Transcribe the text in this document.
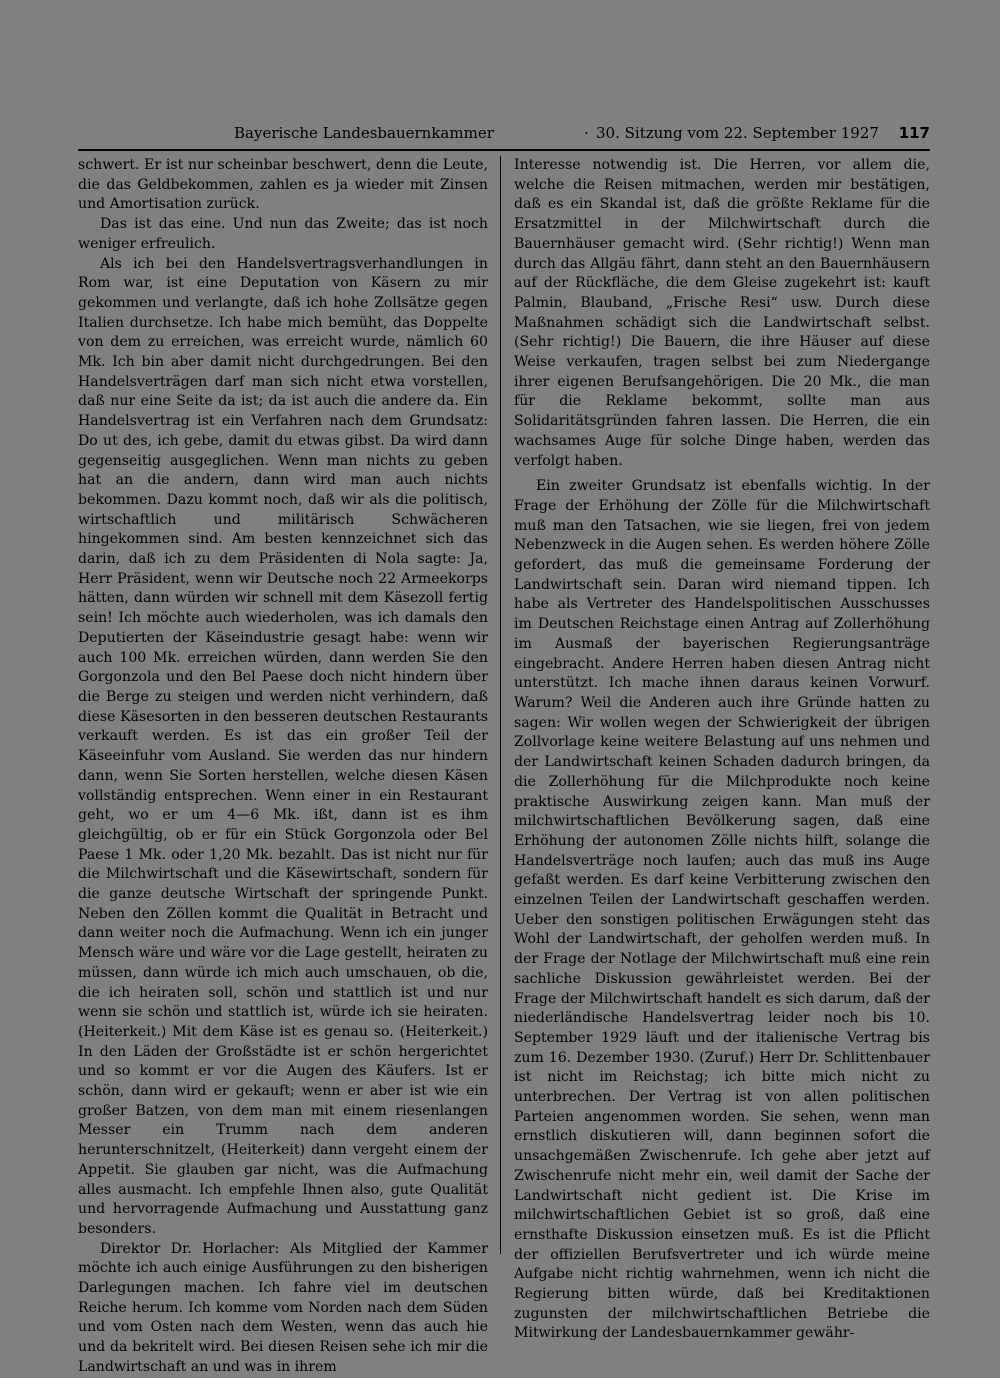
Bayerische Landesbauernkammer	· 30. Sitzung vom 22. September 1927 117

schwert. Er ist nur scheinbar beschwert, denn die Leute, die das Geldbekommen, zahlen es ja wieder mit Zinsen und Amortisation zurück.

Das ist das eine. Und nun das Zweite; das ist noch weniger erfreulich.

Als ich bei den Handelsvertragsverhandlungen in Rom war, ist eine Deputation von Käsern zu mir gekommen und verlangte, daß ich hohe Zollsätze gegen Italien durchsetze. Ich habe mich bemüht, das Doppelte von dem zu erreichen, was erreicht wurde, nämlich 60 Mk. Ich bin aber damit nicht durchgedrungen. Bei den Handelsverträgen darf man sich nicht etwa vorstellen, daß nur eine Seite da ist; da ist auch die andere da. Ein Handelsvertrag ist ein Verfahren nach dem Grundsatz: Do ut des, ich gebe, damit du etwas gibst. Da wird dann gegenseitig ausgeglichen. Wenn man nichts zu geben hat an die andern, dann wird man auch nichts bekommen. Dazu kommt noch, daß wir als die politisch, wirtschaftlich und militärisch Schwächeren hingekommen sind. Am besten kennzeichnet sich das darin, daß ich zu dem Präsidenten di Nola sagte: Ja, Herr Präsident, wenn wir Deutsche noch 22 Armeekorps hätten, dann würden wir schnell mit dem Käsezoll fertig sein! Ich möchte auch wiederholen, was ich damals den Deputierten der Käseindustrie gesagt habe: wenn wir auch 100 Mk. erreichen würden, dann werden Sie den Gorgonzola und den Bel Paese doch nicht hindern über die Berge zu steigen und werden nicht verhindern, daß diese Käsesorten in den besseren deutschen Restaurants verkauft werden. Es ist das ein großer Teil der Käseeinfuhr vom Ausland. Sie werden das nur hindern dann, wenn Sie Sorten herstellen, welche diesen Käsen vollständig entsprechen. Wenn einer in ein Restaurant geht, wo er um 4—6 Mk. ißt, dann ist es ihm gleichgültig, ob er für ein Stück Gorgonzola oder Bel Paese 1 Mk. oder 1,20 Mk. bezahlt. Das ist nicht nur für die Milchwirtschaft und die Käsewirtschaft, sondern für die ganze deutsche Wirtschaft der springende Punkt. Neben den Zöllen kommt die Qualität in Betracht und dann weiter noch die Aufmachung. Wenn ich ein junger Mensch wäre und wäre vor die Lage gestellt, heiraten zu müssen, dann würde ich mich auch umschauen, ob die, die ich heiraten soll, schön und stattlich ist und nur wenn sie schön und stattlich ist, würde ich sie heiraten. (Heiterkeit.) Mit dem Käse ist es genau so. (Heiterkeit.) In den Läden der Großstädte ist er schön hergerichtet und so kommt er vor die Augen des Käufers. Ist er schön, dann wird er gekauft; wenn er aber ist wie ein großer Batzen, von dem man mit einem riesenlangen Messer ein Trumm nach dem anderen herunterschnitzelt, (Heiterkeit) dann vergeht einem der Appetit. Sie glauben gar nicht, was die Aufmachung alles ausmacht. Ich empfehle Ihnen also, gute Qualität und hervorragende Aufmachung und Ausstattung ganz besonders.

Direktor Dr. Horlacher: Als Mitglied der Kammer möchte ich auch einige Ausführungen zu den bisherigen Darlegungen machen. Ich fahre viel im deutschen Reiche herum. Ich komme vom Norden nach dem Süden und vom Osten nach dem Westen, wenn das auch hie und da bekritelt wird. Bei diesen Reisen sehe ich mir die Landwirtschaft an und was in ihrem

Interesse notwendig ist. Die Herren, vor allem die, welche die Reisen mitmachen, werden mir bestätigen, daß es ein Skandal ist, daß die größte Reklame für die Ersatzmittel in der Milchwirtschaft durch die Bauernhäuser gemacht wird. (Sehr richtig!) Wenn man durch das Allgäu fährt, dann steht an den Bauernhäusern auf der Rückfläche, die dem Gleise zugekehrt ist: kauft Palmin, Blauband, „Frische Resi“ usw. Durch diese Maßnahmen schädigt sich die Landwirtschaft selbst. (Sehr richtig!) Die Bauern, die ihre Häuser auf diese Weise verkaufen, tragen selbst bei zum Niedergange ihrer eigenen Berufsangehörigen. Die 20 Mk., die man für die Reklame bekommt, sollte man aus Solidaritätsgründen fahren lassen. Die Herren, die ein wachsames Auge für solche Dinge haben, werden das verfolgt haben.

Ein zweiter Grundsatz ist ebenfalls wichtig. In der Frage der Erhöhung der Zölle für die Milchwirtschaft muß man den Tatsachen, wie sie liegen, frei von jedem Nebenzweck in die Augen sehen. Es werden höhere Zölle gefordert, das muß die gemeinsame Forderung der Landwirtschaft sein. Daran wird niemand tippen. Ich habe als Vertreter des Handelspolitischen Ausschusses im Deutschen Reichstage einen Antrag auf Zollerhöhung im Ausmaß der bayerischen Regierungsanträge eingebracht. Andere Herren haben diesen Antrag nicht unterstützt. Ich mache ihnen daraus keinen Vorwurf. Warum? Weil die Anderen auch ihre Gründe hatten zu sagen: Wir wollen wegen der Schwierigkeit der übrigen Zollvorlage keine weitere Belastung auf uns nehmen und der Landwirtschaft keinen Schaden dadurch bringen, da die Zollerhöhung für die Milchprodukte noch keine praktische Auswirkung zeigen kann. Man muß der milchwirtschaftlichen Bevölkerung sagen, daß eine Erhöhung der autonomen Zölle nichts hilft, solange die Handelsverträge noch laufen; auch das muß ins Auge gefaßt werden. Es darf keine Verbitterung zwischen den einzelnen Teilen der Landwirtschaft geschaffen werden. Ueber den sonstigen politischen Erwägungen steht das Wohl der Landwirtschaft, der geholfen werden muß. In der Frage der Notlage der Milchwirtschaft muß eine rein sachliche Diskussion gewährleistet werden. Bei der Frage der Milchwirtschaft handelt es sich darum, daß der niederländische Handelsvertrag leider noch bis 10. September 1929 läuft und der italienische Vertrag bis zum 16. Dezember 1930. (Zuruf.) Herr Dr. Schlittenbauer ist nicht im Reichstag; ich bitte mich nicht zu unterbrechen. Der Vertrag ist von allen politischen Parteien angenommen worden. Sie sehen, wenn man ernstlich diskutieren will, dann beginnen sofort die unsachgemäßen Zwischenrufe. Ich gehe aber jetzt auf Zwischenrufe nicht mehr ein, weil damit der Sache der Landwirtschaft nicht gedient ist. Die Krise im milchwirtschaftlichen Gebiet ist so groß, daß eine ernsthafte Diskussion einsetzen muß. Es ist die Pflicht der offiziellen Berufsvertreter und ich würde meine Aufgabe nicht richtig wahrnehmen, wenn ich nicht die Regierung bitten würde, daß bei Kreditaktionen zugunsten der milchwirtschaftlichen Betriebe die Mitwirkung der Landesbauernkammer gewähr-
